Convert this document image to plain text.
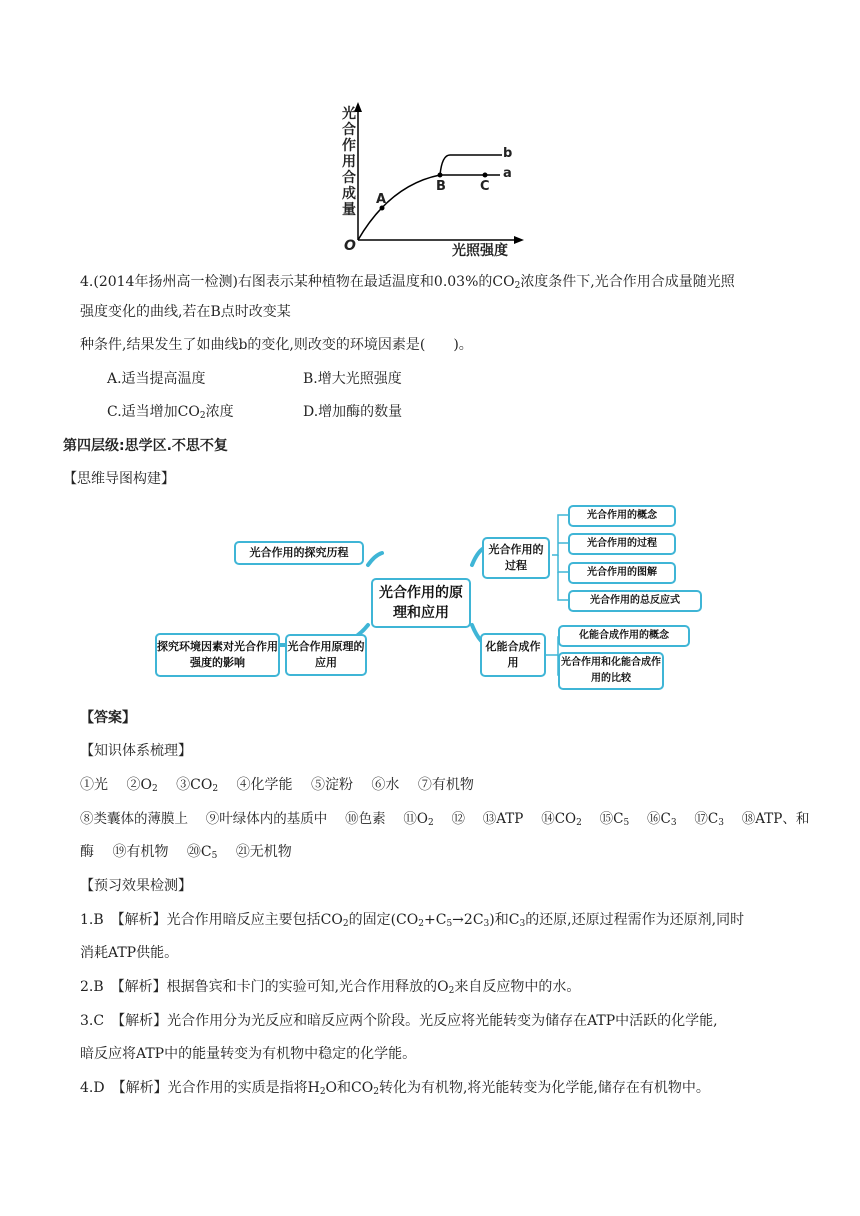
光合作用合成量
O	光照强度
A
B	C
a
b
4.(2014年扬州高一检测)右图表示某种植物在最适温度和0.03%的$CO_2$浓度条件下,光合作用合成量随光照
强度变化的曲线,若在B点时改变某
种条件,结果发生了如曲线b的变化,则改变的环境因素是(　　)。
A.适当提高温度	B.增大光照强度
C.适当增加$CO_2$浓度	D.增加酶的数量
第四层级:思学区.不思不复
【思维导图构建】
光合作用的探究历程
光合作用的原理和应用
光合作用原理的应用
探究环境因素对光合作用强度的影响
光合作用的过程
化能合成作用
光合作用的概念
光合作用的过程
光合作用的图解
光合作用的总反应式
化能合成作用的概念
光合作用和化能合成作用的比较
【答案】
【知识体系梳理】
①光　 $②O_2$　 $③CO_2$　 ④化学能　 ⑤淀粉　 ⑥水　 ⑦有机物
⑧类囊体的薄膜上　 ⑨叶绿体内的基质中　 ⑩色素　 $⑪O_2$　 ⑫　 ⑬ATP　 $⑭CO_2$　 $⑮C_5$　 $⑯C_3$　 $⑰C_3$　 ⑱ATP、和
酶　 ⑲有机物　 $⑳C_5$　 ㉑无机物
【预习效果检测】
1.B　【解析】光合作用暗反应主要包括$CO_2$的固定$(CO_2+C_5\to 2C_3)$和$C_3$的还原,还原过程需作为还原剂,同时
消耗ATP供能。
2.B　【解析】根据鲁宾和卡门的实验可知,光合作用释放的$O_2$来自反应物中的水。
3.C　【解析】光合作用分为光反应和暗反应两个阶段。光反应将光能转变为储存在ATP中活跃的化学能,
暗反应将ATP中的能量转变为有机物中稳定的化学能。
4.D　【解析】光合作用的实质是指将$H_2O$和$CO_2$转化为有机物,将光能转变为化学能,储存在有机物中。
